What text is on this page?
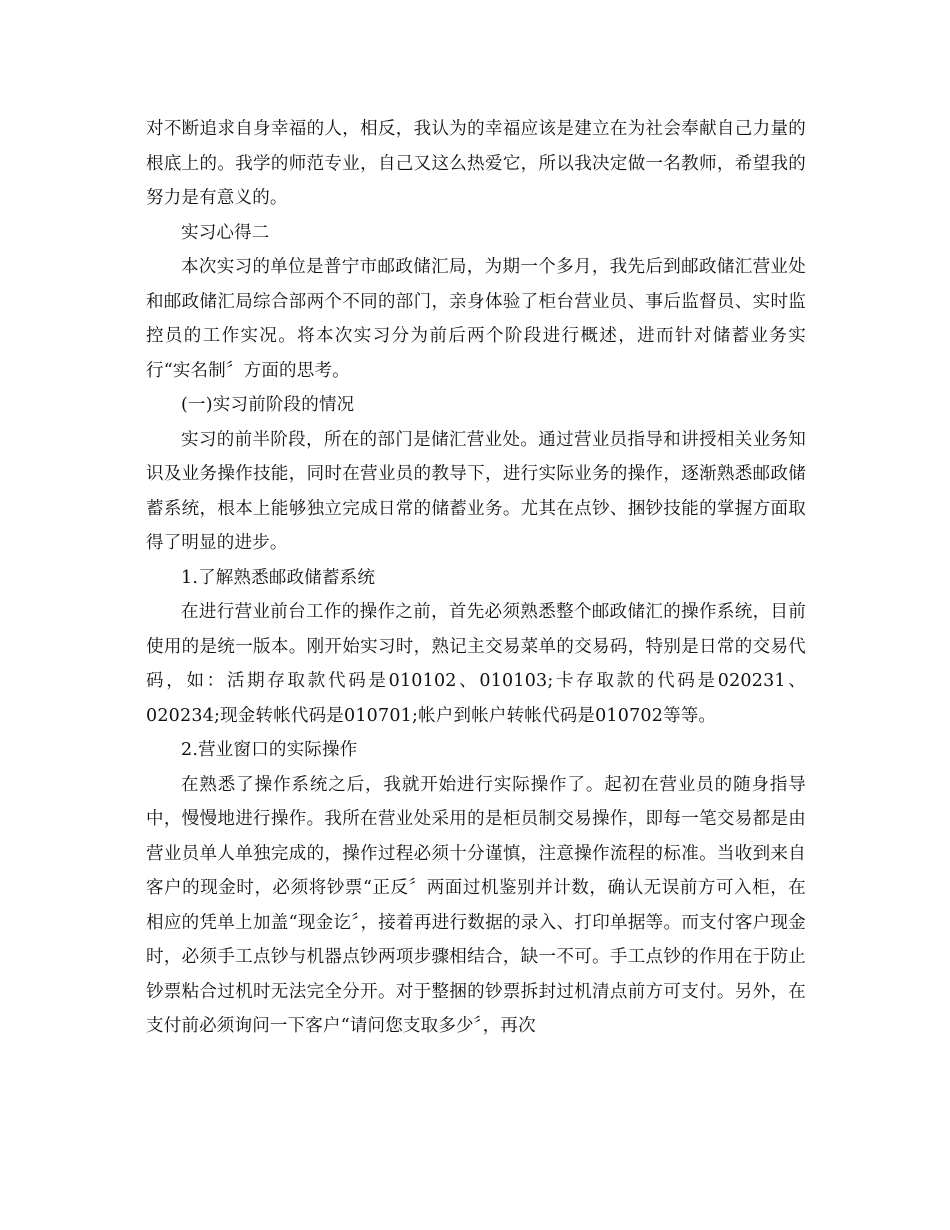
对不断追求自身幸福的人，相反，我认为的幸福应该是建立在为社会奉献自己力量的根底上的。我学的师范专业，自己又这么热爱它，所以我决定做一名教师，希望我的努力是有意义的。

实习心得二

本次实习的单位是普宁市邮政储汇局，为期一个多月，我先后到邮政储汇营业处和邮政储汇局综合部两个不同的部门，亲身体验了柜台营业员、事后监督员、实时监控员的工作实况。将本次实习分为前后两个阶段进行概述，进而针对储蓄业务实行“实名制〞方面的思考。

(一)实习前阶段的情况

实习的前半阶段，所在的部门是储汇营业处。通过营业员指导和讲授相关业务知识及业务操作技能，同时在营业员的教导下，进行实际业务的操作，逐渐熟悉邮政储蓄系统，根本上能够独立完成日常的储蓄业务。尤其在点钞、捆钞技能的掌握方面取得了明显的进步。

1.了解熟悉邮政储蓄系统

在进行营业前台工作的操作之前，首先必须熟悉整个邮政储汇的操作系统，目前使用的是统一版本。刚开始实习时，熟记主交易菜单的交易码，特别是日常的交易代码，如：活期存取款代码是010102、010103;卡存取款的代码是020231、020234;现金转帐代码是010701;帐户到帐户转帐代码是010702等等。

2.营业窗口的实际操作

在熟悉了操作系统之后，我就开始进行实际操作了。起初在营业员的随身指导中，慢慢地进行操作。我所在营业处采用的是柜员制交易操作，即每一笔交易都是由营业员单人单独完成的，操作过程必须十分谨慎，注意操作流程的标准。当收到来自客户的现金时，必须将钞票“正反〞两面过机鉴别并计数，确认无误前方可入柜，在相应的凭单上加盖“现金讫〞，接着再进行数据的录入、打印单据等。而支付客户现金时，必须手工点钞与机器点钞两项步骤相结合，缺一不可。手工点钞的作用在于防止钞票粘合过机时无法完全分开。对于整捆的钞票拆封过机清点前方可支付。另外，在支付前必须询问一下客户“请问您支取多少〞，再次
